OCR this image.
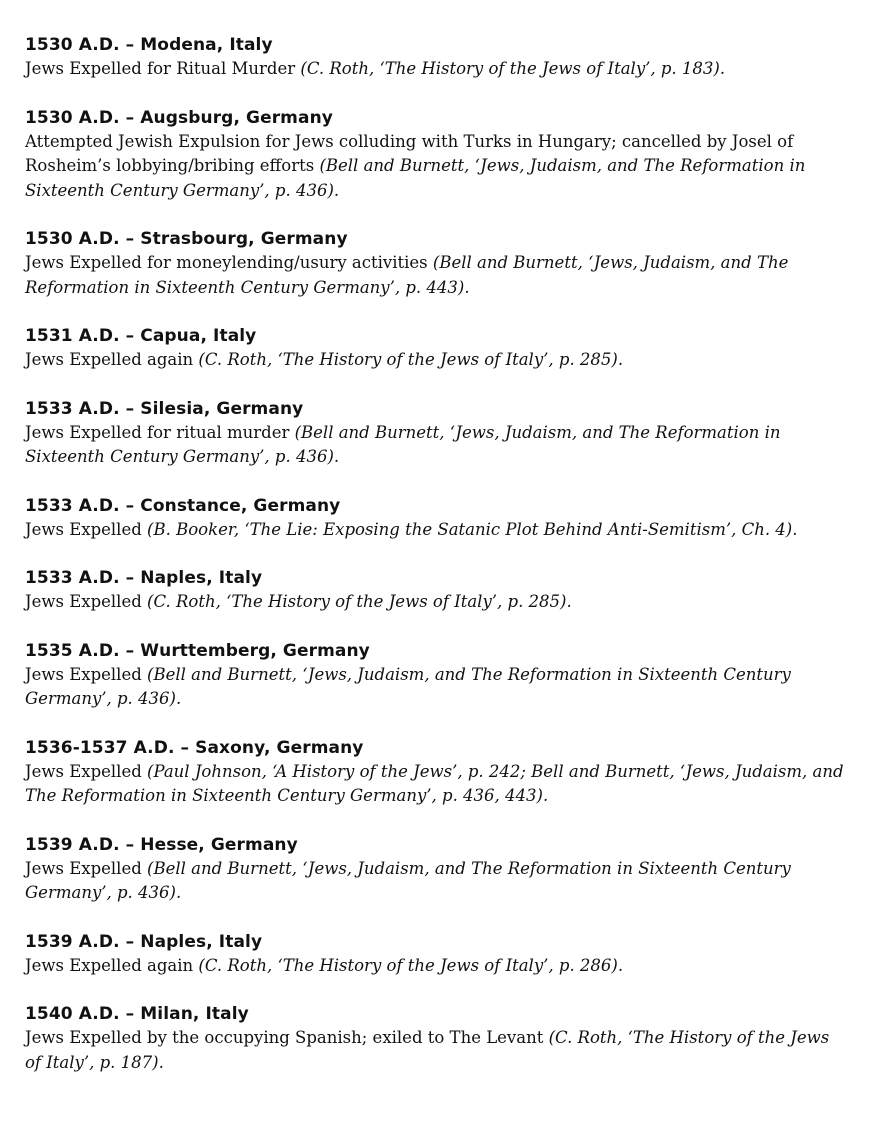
1530 A.D. – Modena, Italy
Jews Expelled for Ritual Murder (C. Roth, ‘The History of the Jews of Italy’, p. 183).
1530 A.D. – Augsburg, Germany
Attempted Jewish Expulsion for Jews colluding with Turks in Hungary; cancelled by Josel of Rosheim’s lobbying/bribing efforts (Bell and Burnett, ‘Jews, Judaism, and The Reformation in Sixteenth Century Germany’, p. 436).
1530 A.D. – Strasbourg, Germany
Jews Expelled for moneylending/usury activities (Bell and Burnett, ‘Jews, Judaism, and The Reformation in Sixteenth Century Germany’, p. 443).
1531 A.D. – Capua, Italy
Jews Expelled again (C. Roth, ‘The History of the Jews of Italy’, p. 285).
1533 A.D. – Silesia, Germany
Jews Expelled for ritual murder (Bell and Burnett, ‘Jews, Judaism, and The Reformation in Sixteenth Century Germany’, p. 436).
1533 A.D. – Constance, Germany
Jews Expelled (B. Booker, ‘The Lie: Exposing the Satanic Plot Behind Anti-Semitism’, Ch. 4).
1533 A.D. – Naples, Italy
Jews Expelled (C. Roth, ‘The History of the Jews of Italy’, p. 285).
1535 A.D. – Wurttemberg, Germany
Jews Expelled (Bell and Burnett, ‘Jews, Judaism, and The Reformation in Sixteenth Century Germany’, p. 436).
1536-1537 A.D. – Saxony, Germany
Jews Expelled (Paul Johnson, ‘A History of the Jews’, p. 242; Bell and Burnett, ‘Jews, Judaism, and The Reformation in Sixteenth Century Germany’, p. 436, 443).
1539 A.D. – Hesse, Germany
Jews Expelled (Bell and Burnett, ‘Jews, Judaism, and The Reformation in Sixteenth Century Germany’, p. 436).
1539 A.D. – Naples, Italy
Jews Expelled again (C. Roth, ‘The History of the Jews of Italy’, p. 286).
1540 A.D. – Milan, Italy
Jews Expelled by the occupying Spanish; exiled to The Levant (C. Roth, ‘The History of the Jews of Italy’, p. 187).
